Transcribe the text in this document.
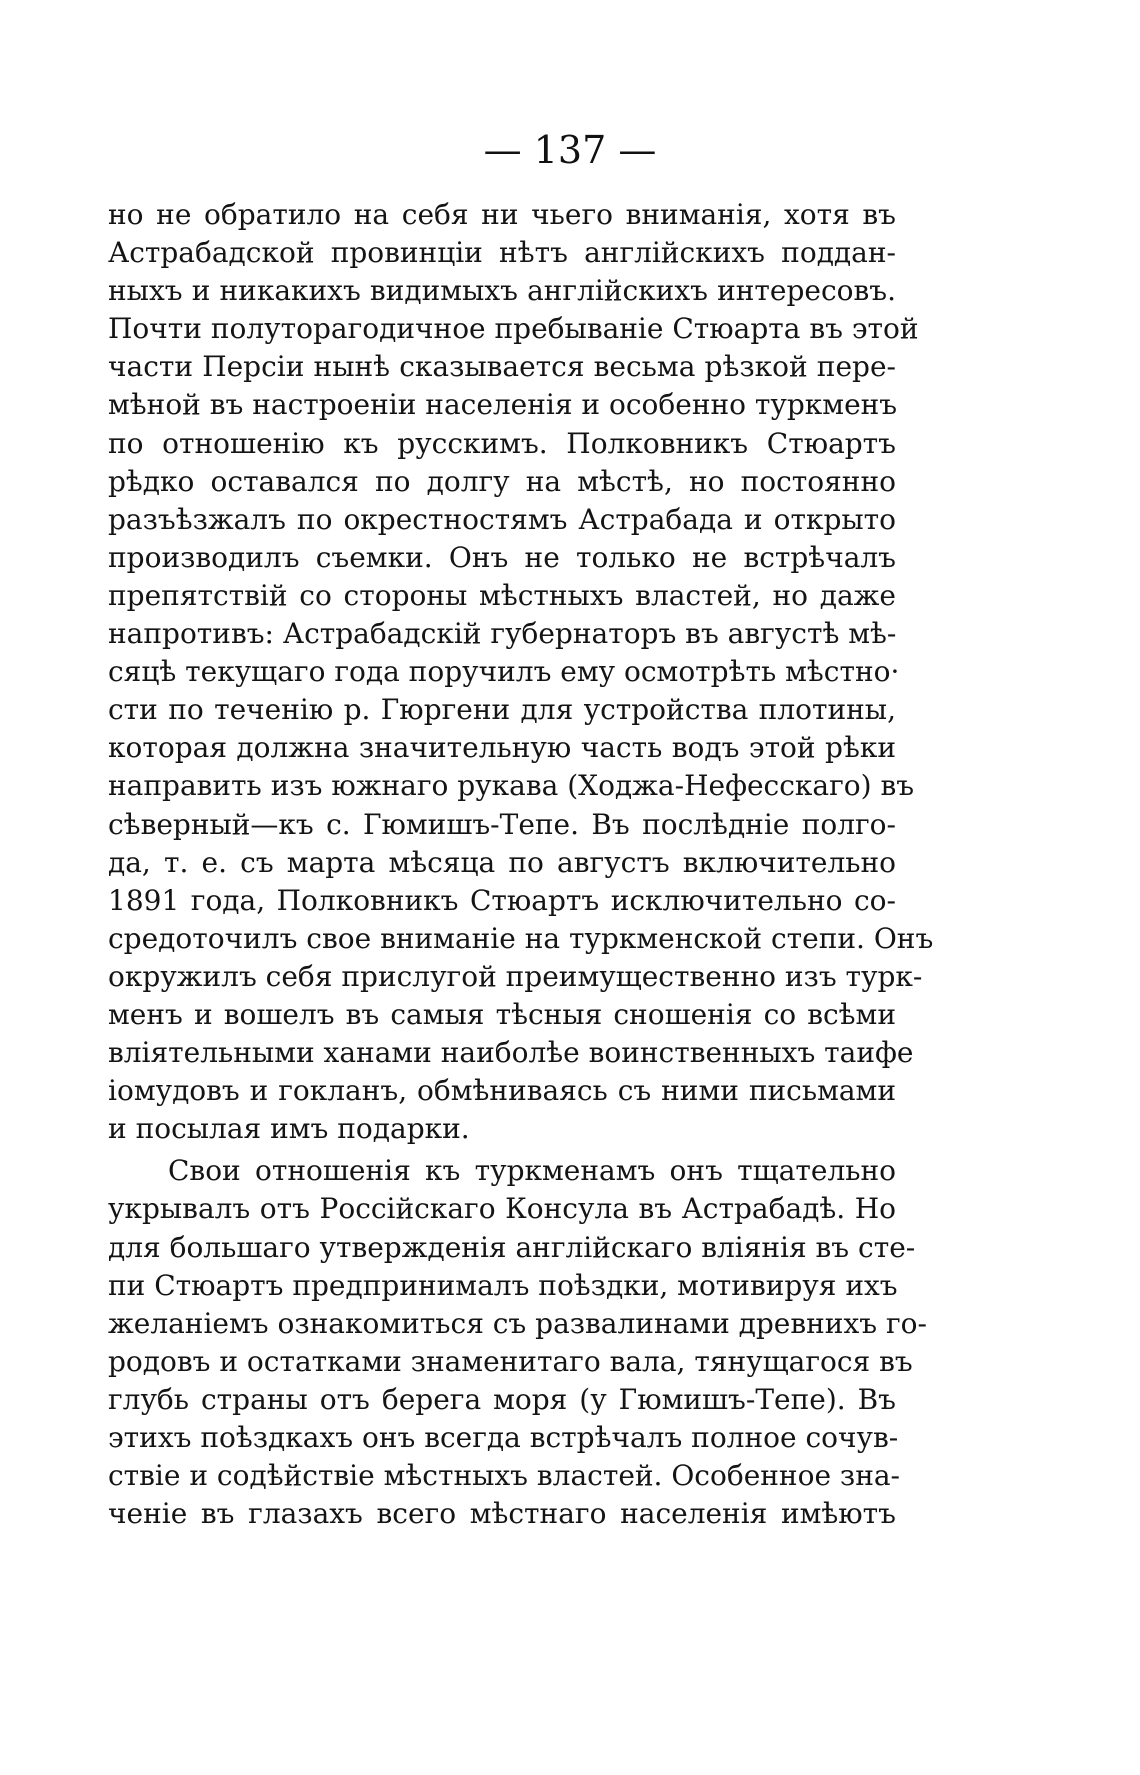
— 137 —
но не обратило на себя ни чьего вниманія, хотя въ
Астрабадской провинціи нѣтъ англійскихъ поддан-
ныхъ и никакихъ видимыхъ англійскихъ интересовъ.
Почти полуторагодичное пребываніе Стюарта въ этой
части Персіи нынѣ сказывается весьма рѣзкой пере-
мѣной въ настроеніи населенія и особенно туркменъ
по отношенію къ русскимъ. Полковникъ Стюартъ
рѣдко оставался по долгу на мѣстѣ, но постоянно
разъѣзжалъ по окрестностямъ Астрабада и открыто
производилъ съемки. Онъ не только не встрѣчалъ
препятствій со стороны мѣстныхъ властей, но даже
напротивъ: Астрабадскій губернаторъ въ августѣ мѣ-
сяцѣ текущаго года поручилъ ему осмотрѣть мѣстно·
сти по теченію р. Гюргени для устройства плотины,
которая должна значительную часть водъ этой рѣки
направить изъ южнаго рукава (Ходжа-Нефесскаго) въ
сѣверный—къ с. Гюмишъ-Тепе. Въ послѣдніе полго-
да, т. е. съ марта мѣсяца по августъ включительно
1891 года, Полковникъ Стюартъ исключительно со-
средоточилъ свое вниманіе на туркменской степи. Онъ
окружилъ себя прислугой преимущественно изъ турк-
менъ и вошелъ въ самыя тѣсныя сношенія со всѣми
вліятельными ханами наиболѣе воинственныхъ таифе
іомудовъ и гокланъ, обмѣниваясь съ ними письмами
и посылая имъ подарки.
Свои отношенія къ туркменамъ онъ тщательно
укрывалъ отъ Россійскаго Консула въ Астрабадѣ. Но
для большаго утвержденія англійскаго вліянія въ сте-
пи Стюартъ предпринималъ поѣздки, мотивируя ихъ
желаніемъ ознакомиться съ развалинами древнихъ го-
родовъ и остатками знаменитаго вала, тянущагося въ
глубь страны отъ берега моря (у Гюмишъ-Тепе). Въ
этихъ поѣздкахъ онъ всегда встрѣчалъ полное сочув-
ствіе и содѣйствіе мѣстныхъ властей. Особенное зна-
ченіе въ глазахъ всего мѣстнаго населенія имѣютъ
